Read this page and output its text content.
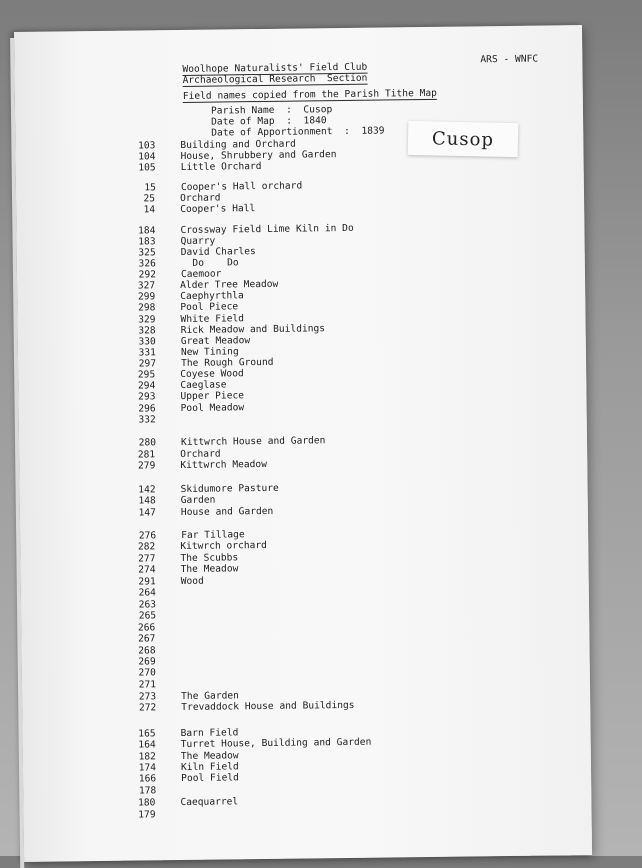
ARS - WNFC
Woolhope Naturalists' Field Club
Archaeological Research  Section
Field names copied from the Parish Tithe Map
Parish Name  :  Cusop
Date of Map  :  1840
Date of Apportionment  :  1839
103	Building and Orchard
104	House, Shrubbery and Garden
105	Little Orchard
15	Cooper's Hall orchard
25	Orchard
14	Cooper's Hall
184	Crossway Field Lime Kiln in Do
183	Quarry
325	David Charles
326	Do    Do
292	Caemoor
327	Alder Tree Meadow
299	Caephyrthla
298	Pool Piece
329	White Field
328	Rick Meadow and Buildings
330	Great Meadow
331	New Tining
297	The Rough Ground
295	Coyese Wood
294	Caeglase
293	Upper Piece
296	Pool Meadow
332
280	Kittwrch House and Garden
281	Orchard
279	Kittwrch Meadow
142	Skidumore Pasture
148	Garden
147	House and Garden
276	Far Tillage
282	Kitwrch orchard
277	The Scubbs
274	The Meadow
291	Wood
264
263
265
266
267
268
269
270
271
273	The Garden
272	Trevaddock House and Buildings
165	Barn Field
164	Turret House, Building and Garden
182	The Meadow
174	Kiln Field
166	Pool Field
178
180	Caequarrel
179
Cusop
